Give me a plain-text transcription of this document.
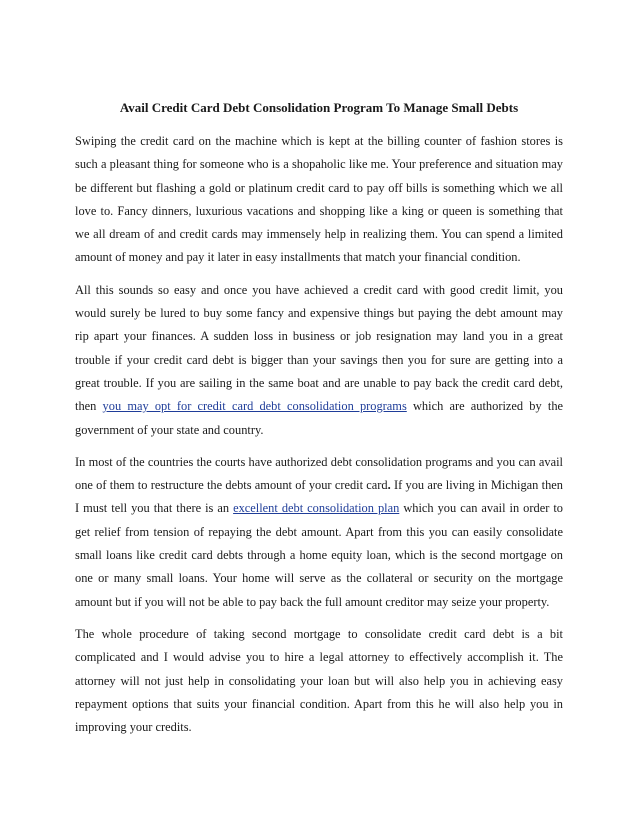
Avail Credit Card Debt Consolidation Program To Manage Small Debts

Swiping the credit card on the machine which is kept at the billing counter of fashion stores is such a pleasant thing for someone who is a shopaholic like me. Your preference and situation may be different but flashing a gold or platinum credit card to pay off bills is something which we all love to. Fancy dinners, luxurious vacations and shopping like a king or queen is something that we all dream of and credit cards may immensely help in realizing them. You can spend a limited amount of money and pay it later in easy installments that match your financial condition.

All this sounds so easy and once you have achieved a credit card with good credit limit, you would surely be lured to buy some fancy and expensive things but paying the debt amount may rip apart your finances. A sudden loss in business or job resignation may land you in a great trouble if your credit card debt is bigger than your savings then you for sure are getting into a great trouble. If you are sailing in the same boat and are unable to pay back the credit card debt, then you may opt for credit card debt consolidation programs which are authorized by the government of your state and country.

In most of the countries the courts have authorized debt consolidation programs and you can avail one of them to restructure the debts amount of your credit card. If you are living in Michigan then I must tell you that there is an excellent debt consolidation plan which you can avail in order to get relief from tension of repaying the debt amount. Apart from this you can easily consolidate small loans like credit card debts through a home equity loan, which is the second mortgage on one or many small loans. Your home will serve as the collateral or security on the mortgage amount but if you will not be able to pay back the full amount creditor may seize your property.

The whole procedure of taking second mortgage to consolidate credit card debt is a bit complicated and I would advise you to hire a legal attorney to effectively accomplish it. The attorney will not just help in consolidating your loan but will also help you in achieving easy repayment options that suits your financial condition. Apart from this he will also help you in improving your credits.
